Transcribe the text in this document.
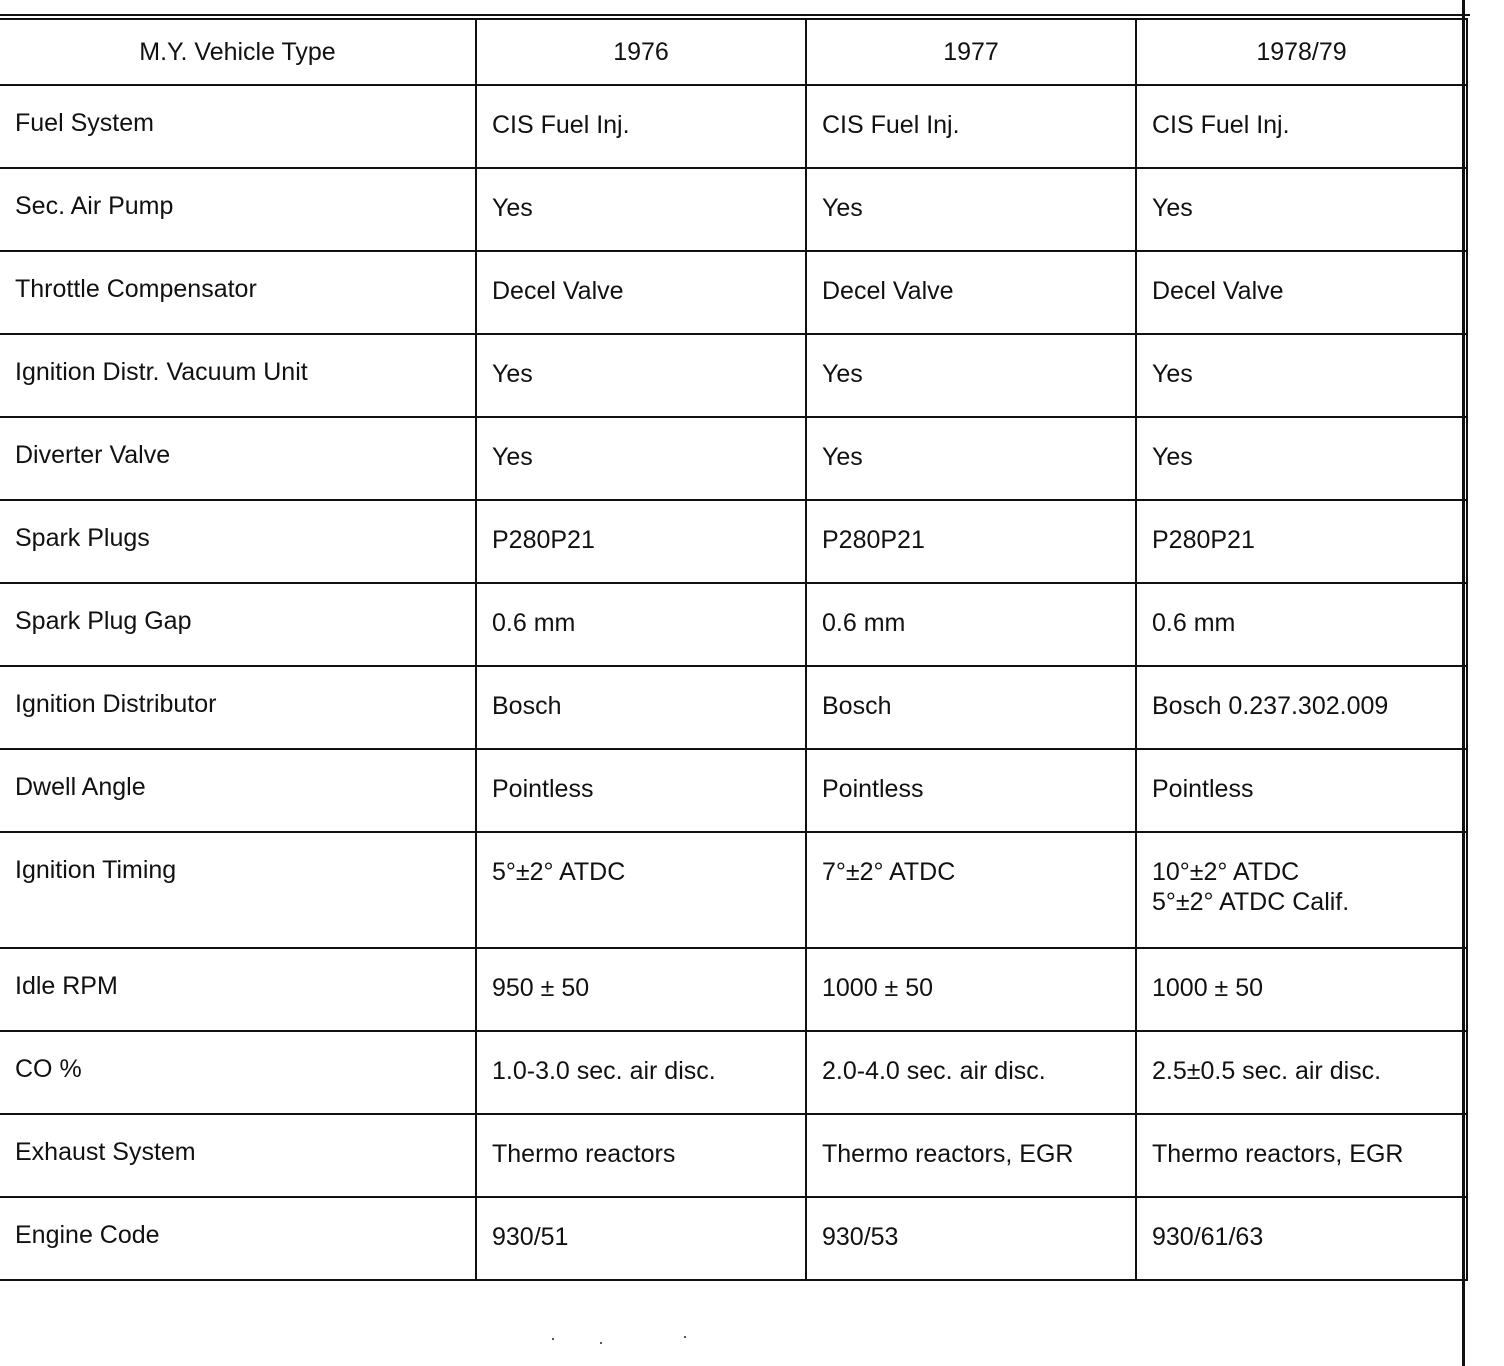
M.Y. Vehicle Type	1976	1977	1978/79

Fuel System	CIS Fuel Inj.	CIS Fuel Inj.	CIS Fuel Inj.

Sec. Air Pump	Yes	Yes	Yes

Throttle Compensator	Decel Valve	Decel Valve	Decel Valve

Ignition Distr. Vacuum Unit	Yes	Yes	Yes

Diverter Valve	Yes	Yes	Yes

Spark Plugs	P280P21	P280P21	P280P21

Spark Plug Gap	0.6 mm	0.6 mm	0.6 mm

Ignition Distributor	Bosch	Bosch	Bosch 0.237.302.009

Dwell Angle	Pointless	Pointless	Pointless

Ignition Timing	5°±2° ATDC	7°±2° ATDC	10°±2° ATDC
5°±2° ATDC Calif.

Idle RPM	950 ± 50	1000 ± 50	1000 ± 50

CO %	1.0-3.0 sec. air disc.	2.0-4.0 sec. air disc.	2.5±0.5 sec. air disc.

Exhaust System	Thermo reactors	Thermo reactors, EGR	Thermo reactors, EGR

Engine Code	930/51	930/53	930/61/63
